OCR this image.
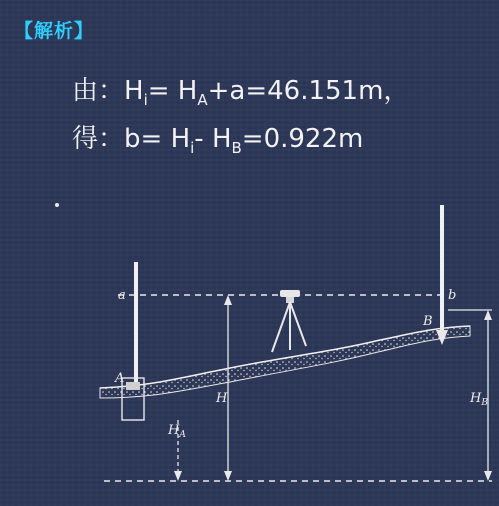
【解析】
由：$H_i= H_A+a=46.151m$，
得：$b= H_i-$ $H_B=0.922m$
a	b
A
B
H
$H_A$
$H_B$
